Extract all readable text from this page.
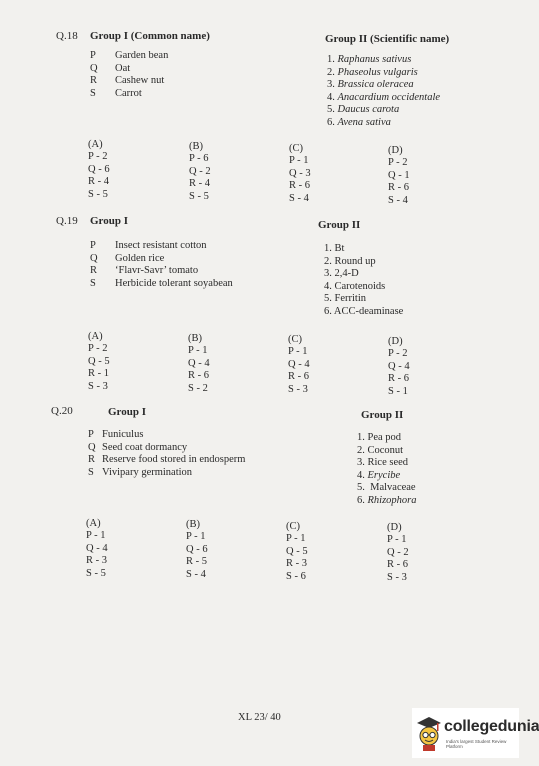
Q.18 Group I (Common name)	Group II (Scientific name)
P Garden bean
Q Oat
R Cashew nut
S Carrot
1. Raphanus sativus
2. Phaseolus vulgaris
3. Brassica oleracea
4. Anacardium occidentale
5. Daucus carota
6. Avena sativa
(A)
P - 2
Q - 6
R - 4
S - 5
(B)
P - 6
Q - 2
R - 4
S - 5
(C)
P - 1
Q - 3
R - 6
S - 4
(D)
P - 2
Q - 1
R - 6
S - 4
Q.19 Group I	Group II
P Insect resistant cotton
Q Golden rice
R ‘Flavr-Savr’ tomato
S Herbicide tolerant soyabean
1. Bt
2. Round up
3. 2,4-D
4. Carotenoids
5. Ferritin
6. ACC-deaminase
(A)
P - 2
Q - 5
R - 1
S - 3
(B)
P - 1
Q - 4
R - 6
S - 2
(C)
P - 1
Q - 4
R - 6
S - 3
(D)
P - 2
Q - 4
R - 6
S - 1
Q.20	Group I	Group II
P Funiculus
Q Seed coat dormancy
R Reserve food stored in endosperm
S Vivipary germination
1. Pea pod
2. Coconut
3. Rice seed
4. Erycibe
5. Malvaceae
6. Rhizophora
(A)
P - 1
Q - 4
R - 3
S - 5
(B)
P - 1
Q - 6
R - 5
S - 4
(C)
P - 1
Q - 5
R - 3
S - 6
(D)
P - 1
Q - 2
R - 6
S - 3
XL 23/ 40
collegedunia
India's largest Student Review Platform
